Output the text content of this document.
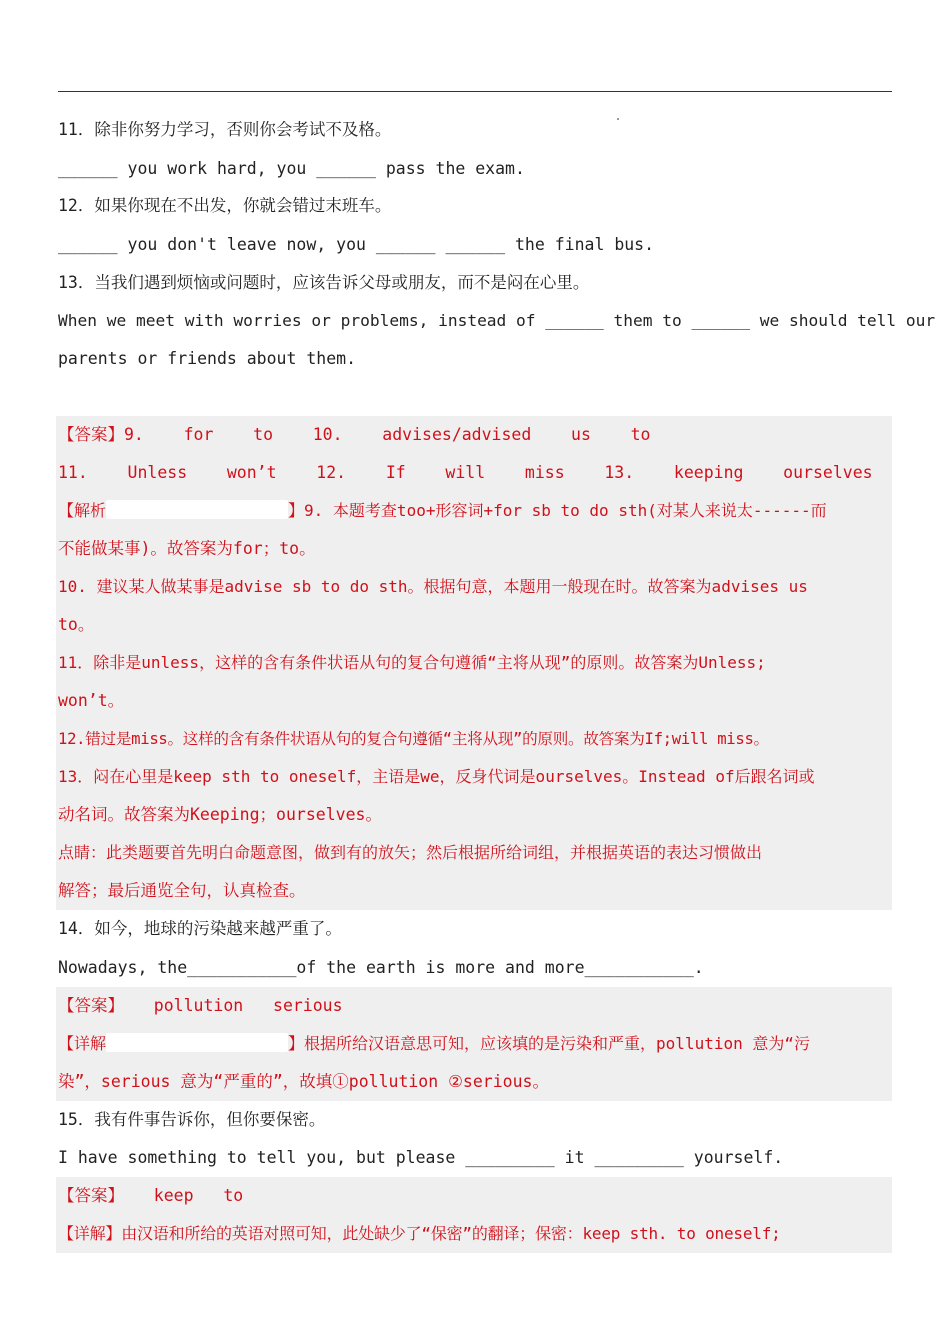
11．除非你努力学习，否则你会考试不及格。
______ you work hard, you ______ pass the exam.
12．如果你现在不出发，你就会错过末班车。
______ you don't leave now, you ______ ______ the final bus.
13．当我们遇到烦恼或问题时，应该告诉父母或朋友，而不是闷在心里。
When we meet with worries or problems, instead of ______ them to ______ we should tell our
parents or friends about them.
【答案】9.    for    to    10.    advises/advised    us    to
11.    Unless    won’t    12.    If    will    miss    13.    keeping    ourselves
【解析	】9. 本题考查too+形容词+for sb to do sth(对某人来说太------而
不能做某事)。故答案为for；to。
10. 建议某人做某事是advise sb to do sth。根据句意，本题用一般现在时。故答案为advises us
to。
11．除非是unless，这样的含有条件状语从句的复合句遵循“主将从现”的原则。故答案为Unless;
won’t。
12.错过是miss。这样的含有条件状语从句的复合句遵循“主将从现”的原则。故答案为If;will miss。
13．闷在心里是keep sth to oneself，主语是we，反身代词是ourselves。Instead of后跟名词或
动名词。故答案为Keeping；ourselves。
点睛：此类题要首先明白命题意图，做到有的放矢；然后根据所给词组，并根据英语的表达习惯做出
解答；最后通览全句，认真检查。
14．如今，地球的污染越来越严重了。
Nowadays, the___________of the earth is more and more___________.
【答案】   pollution   serious
【详解	】根据所给汉语意思可知，应该填的是污染和严重，pollution 意为“污
染”，serious 意为“严重的”，故填①pollution ②serious。
15．我有件事告诉你，但你要保密。
I have something to tell you, but please _________ it _________ yourself.
【答案】   keep   to
【详解】由汉语和所给的英语对照可知，此处缺少了“保密”的翻译；保密：keep sth. to oneself;
